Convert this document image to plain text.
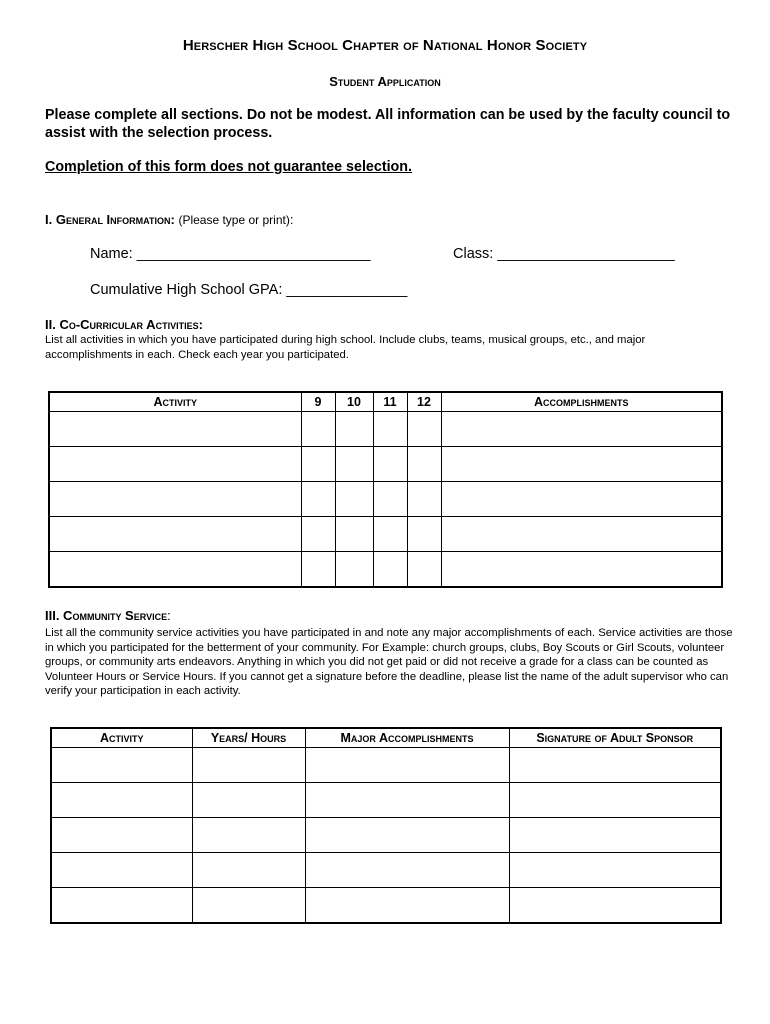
Herscher High School Chapter of National Honor Society
Student Application
Please complete all sections. Do not be modest. All information can be used by the faculty council to assist with the selection process.
Completion of this form does not guarantee selection.
I. General Information: (Please type or print):
Name: _____________________________	Class: ______________________
Cumulative High School GPA: _______________
II. Co-Curricular Activities:
List all activities in which you have participated during high school. Include clubs, teams, musical groups, etc., and major accomplishments in each. Check each year you participated.
Activity	9	10	11	12	Accomplishments

III. Community Service:
List all the community service activities you have participated in and note any major accomplishments of each. Service activities are those in which you participated for the betterment of your community. For Example: church groups, clubs, Boy Scouts or Girl Scouts, volunteer groups, or community arts endeavors. Anything in which you did not get paid or did not receive a grade for a class can be counted as Volunteer Hours or Service Hours. If you cannot get a signature before the deadline, please list the name of the adult supervisor who can verify your participation in each activity.
Activity	Years/ Hours	Major Accomplishments	Signature of Adult Sponsor
